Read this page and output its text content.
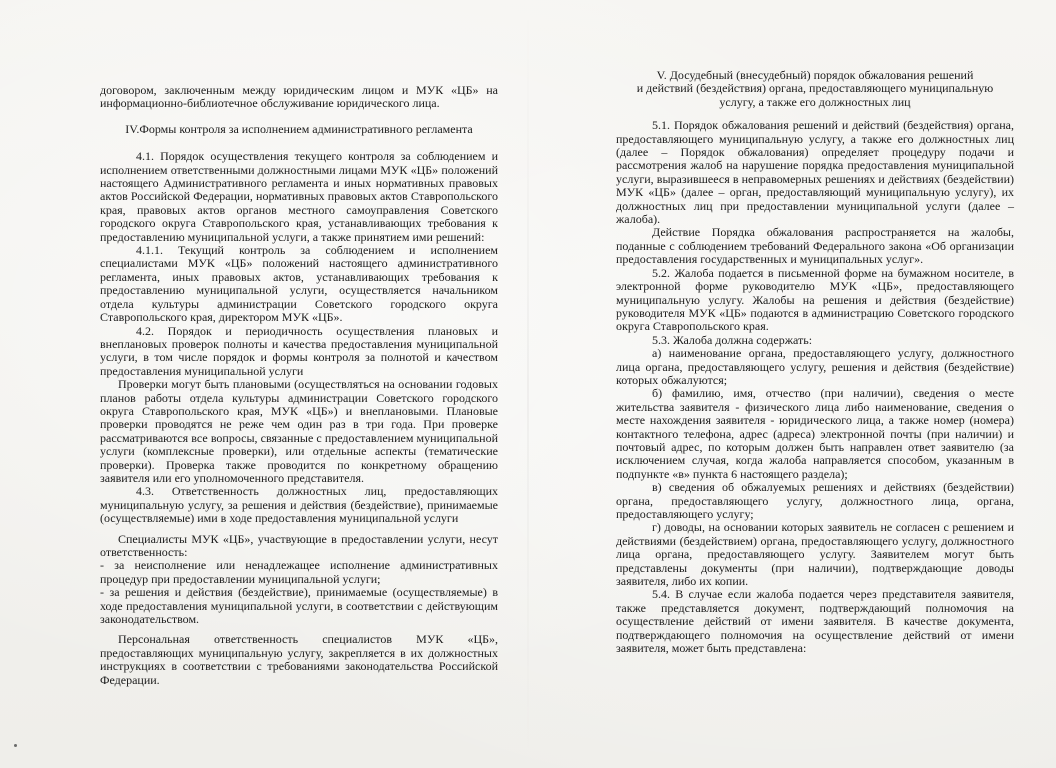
договором, заключенным между юридическим лицом и МУК «ЦБ» на информационно-библиотечное обслуживание юридического лица.

IV.Формы контроля за исполнением административного регламента

4.1. Порядок осуществления текущего контроля за соблюдением и исполнением ответственными должностными лицами МУК «ЦБ» положений настоящего Административного регламента и иных нормативных правовых актов Российской Федерации, нормативных правовых актов Ставропольского края, правовых актов органов местного самоуправления Советского городского округа Ставропольского края, устанавливающих требования к предоставлению муниципальной услуги, а также принятием ими решений:

4.1.1. Текущий контроль за соблюдением и исполнением специалистами МУК «ЦБ» положений настоящего административного регламента, иных правовых актов, устанавливающих требования к предоставлению муниципальной услуги, осуществляется начальником отдела культуры администрации Советского городского округа Ставропольского края, директором МУК «ЦБ».

4.2. Порядок и периодичность осуществления плановых и внеплановых проверок полноты и качества предоставления муниципальной услуги, в том числе порядок и формы контроля за полнотой и качеством предоставления муниципальной услуги

Проверки могут быть плановыми (осуществляться на основании годовых планов работы отдела культуры администрации Советского городского округа Ставропольского края, МУК «ЦБ») и внеплановыми. Плановые проверки проводятся не реже чем один раз в три года. При проверке рассматриваются все вопросы, связанные с предоставлением муниципальной услуги (комплексные проверки), или отдельные аспекты (тематические проверки). Проверка также проводится по конкретному обращению заявителя или его уполномоченного представителя.

4.3. Ответственность должностных лиц, предоставляющих муниципальную услугу, за решения и действия (бездействие), принимаемые (осуществляемые) ими в ходе предоставления муниципальной услуги

Специалисты МУК «ЦБ», участвующие в предоставлении услуги, несут ответственность:

- за неисполнение или ненадлежащее исполнение административных процедур при предоставлении муниципальной услуги;

- за решения и действия (бездействие), принимаемые (осуществляемые) в ходе предоставления муниципальной услуги, в соответствии с действующим законодательством.

Персональная ответственность специалистов МУК «ЦБ», предоставляющих муниципальную услугу, закрепляется в их должностных инструкциях в соответствии с требованиями законодательства Российской Федерации.

V. Досудебный (внесудебный) порядок обжалования решений

и действий (бездействия) органа, предоставляющего муниципальную

услугу, а также его должностных лиц

5.1. Порядок обжалования решений и действий (бездействия) органа, предоставляющего муниципальную услугу, а также его должностных лиц (далее – Порядок обжалования) определяет процедуру подачи и рассмотрения жалоб на нарушение порядка предоставления муниципальной услуги, выразившееся в неправомерных решениях и действиях (бездействии) МУК «ЦБ» (далее – орган, предоставляющий муниципальную услугу), их должностных лиц при предоставлении муниципальной услуги (далее – жалоба).

Действие Порядка обжалования распространяется на жалобы, поданные с соблюдением требований Федерального закона «Об организации предоставления государственных и муниципальных услуг».

5.2. Жалоба подается в письменной форме на бумажном носителе, в электронной форме руководителю МУК «ЦБ», предоставляющего муниципальную услугу. Жалобы на решения и действия (бездействие) руководителя МУК «ЦБ» подаются в администрацию Советского городского округа Ставропольского края.

5.3. Жалоба должна содержать:

а) наименование органа, предоставляющего услугу, должностного лица органа, предоставляющего услугу, решения и действия (бездействие) которых обжалуются;

б) фамилию, имя, отчество (при наличии), сведения о месте жительства заявителя - физического лица либо наименование, сведения о месте нахождения заявителя - юридического лица, а также номер (номера) контактного телефона, адрес (адреса) электронной почты (при наличии) и почтовый адрес, по которым должен быть направлен ответ заявителю (за исключением случая, когда жалоба направляется способом, указанным в подпункте «в» пункта 6 настоящего раздела);

в) сведения об обжалуемых решениях и действиях (бездействии) органа, предоставляющего услугу, должностного лица, органа, предоставляющего услугу;

г) доводы, на основании которых заявитель не согласен с решением и действиями (бездействием) органа, предоставляющего услугу, должностного лица органа, предоставляющего услугу. Заявителем могут быть представлены документы (при наличии), подтверждающие доводы заявителя, либо их копии.

5.4. В случае если жалоба подается через представителя заявителя, также представляется документ, подтверждающий полномочия на осуществление действий от имени заявителя. В качестве документа, подтверждающего полномочия на осуществление действий от имени заявителя, может быть представлена:
